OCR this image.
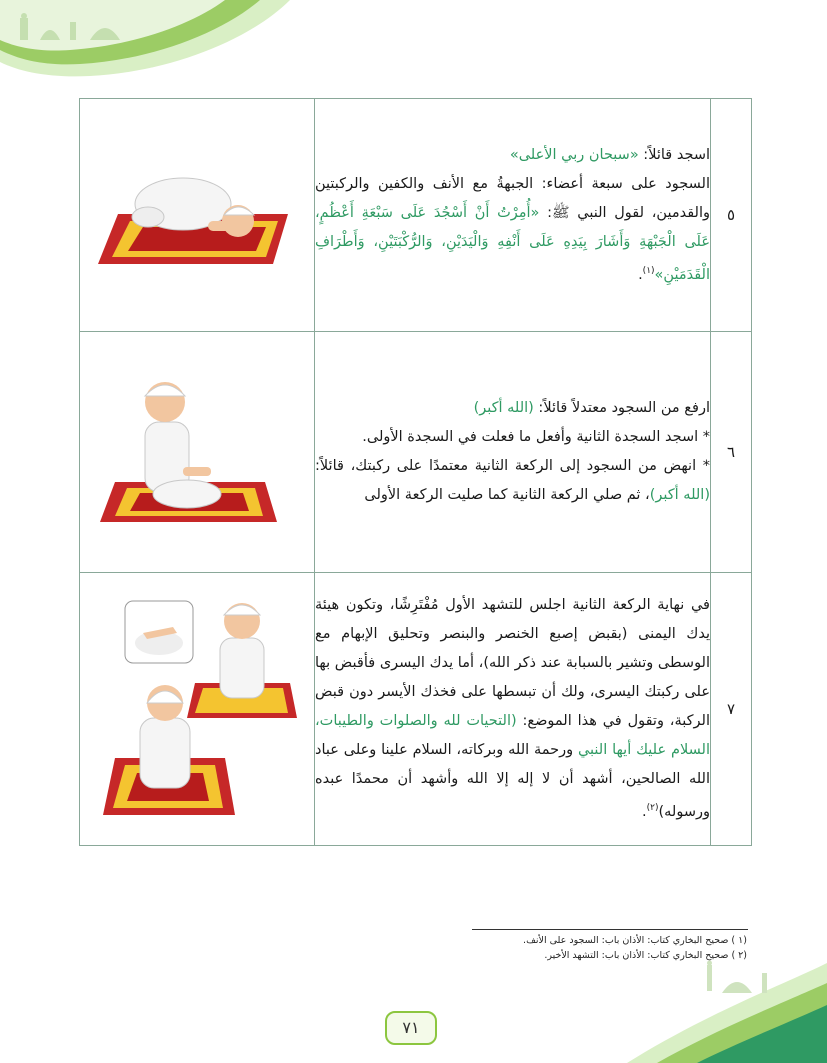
٥	اسجد قائلاً: «سبحان ربي الأعلى»

السجود على سبعة أعضاء: الجبهةُ مع الأنف والكفين والركبتين والقدمين، لقول النبي ﷺ: «أُمِرْتُ أَنْ أَسْجُدَ عَلَى سَبْعَةِ أَعْظُمٍ، عَلَى الْجَبْهَةِ وَأَشَارَ بِيَدِهِ عَلَى أَنْفِهِ وَالْيَدَيْنِ، وَالرُّكْبَتَيْنِ، وَأَطْرَافِ الْقَدَمَيْنِ»$^{(١)}$.

٦	ارفع من السجود معتدلاً قائلاً: (الله أكبر)

* اسجد السجدة الثانية وأفعل ما فعلت في السجدة الأولى.

* انهض من السجود إلى الركعة الثانية معتمدًا على ركبتك، قائلاً: (الله أكبر)، ثم صلي الركعة الثانية كما صليت الركعة الأولى

٧	في نهاية الركعة الثانية اجلس للتشهد الأول مُفْتَرِشًا، وتكون هيئة يدك اليمنى (بقبض إصبع الخنصر والبنصر وتحليق الإبهام مع الوسطى وتشير بالسبابة عند ذكر الله)، أما يدك اليسرى فأقبض بها على ركبتك اليسرى، ولك أن تبسطها على فخذك الأيسر دون قبض الركبة، وتقول في هذا الموضع: (التحيات لله والصلوات والطيبات، السلام عليك أيها النبي ورحمة الله وبركاته، السلام علينا وعلى عباد الله الصالحين، أشهد أن لا إله إلا الله وأشهد أن محمدًا عبده ورسوله)$^{(٢)}$.

(١ ) صحيح البخاري كتاب: الأذان باب: السجود على الأنف.
(٢ ) صحيح البخاري كتاب: الأذان باب: التشهد الأخير.
٧١
